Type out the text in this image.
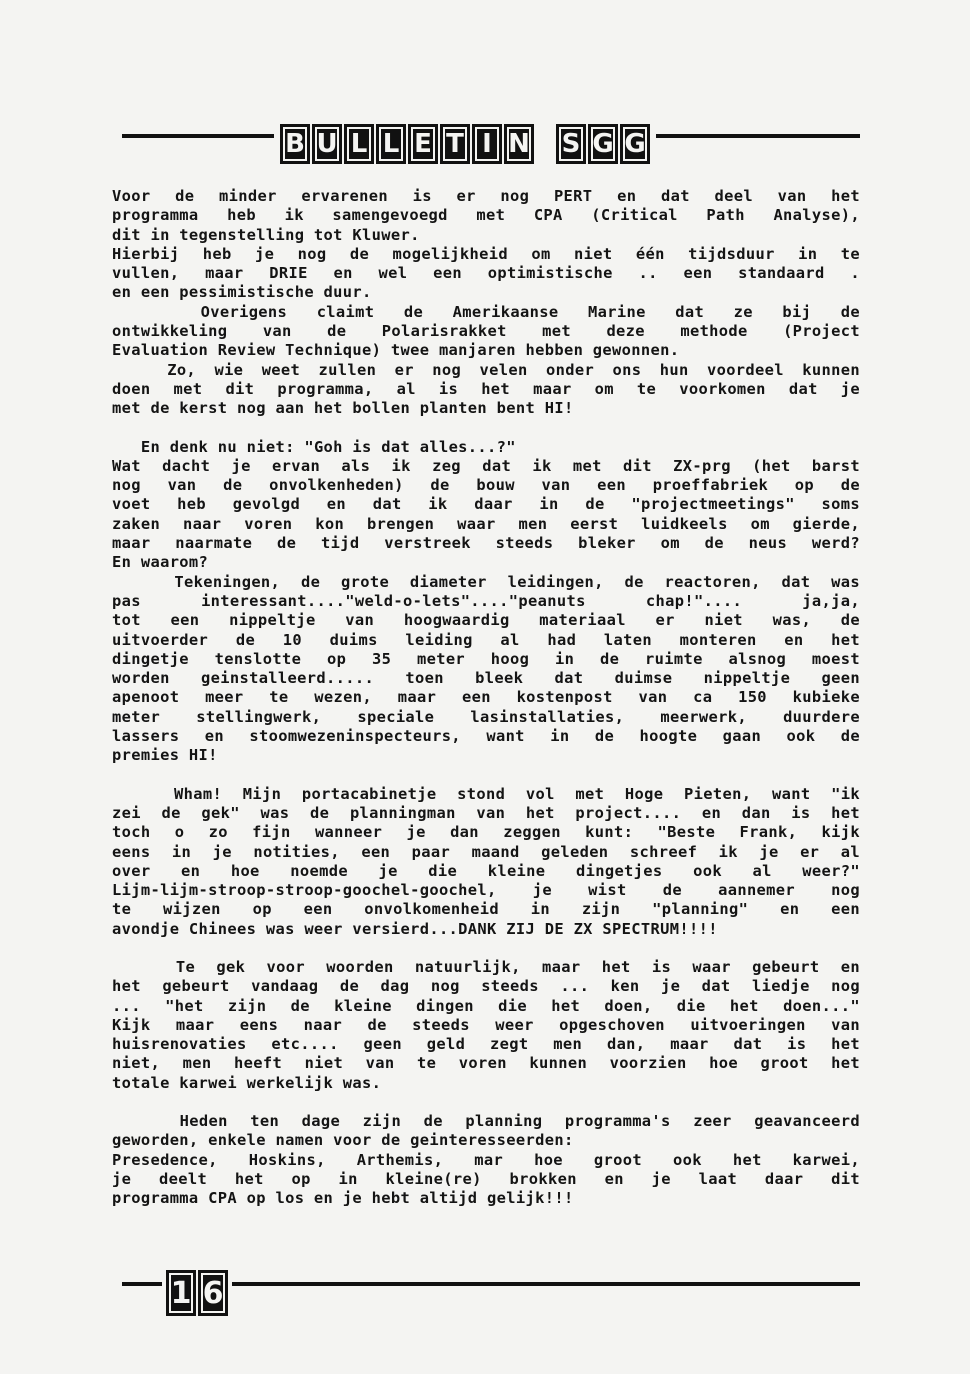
B U L L E T I N S G G
Voor de minder ervarenen is er nog PERT en dat deel van het
programma heb ik samengevoegd met CPA (Critical Path Analyse),
dit in tegenstelling tot Kluwer.
Hierbij heb je nog de mogelijkheid om niet één tijdsduur in te
vullen, maar DRIE en wel een optimistische .. een standaard .
en een pessimistische duur.
Overigens claimt de Amerikaanse Marine dat ze bij de
ontwikkeling van de Polarisrakket met deze methode (Project
Evaluation Review Technique) twee manjaren hebben gewonnen.
Zo, wie weet zullen er nog velen onder ons hun voordeel kunnen
doen met dit programma, al is het maar om te voorkomen dat je
met de kerst nog aan het bollen planten bent HI!
En denk nu niet: "Goh is dat alles...?"
Wat dacht je ervan als ik zeg dat ik met dit ZX-prg (het barst
nog van de onvolkenheden) de bouw van een proeffabriek op de
voet heb gevolgd en dat ik daar in de "projectmeetings" soms
zaken naar voren kon brengen waar men eerst luidkeels om gierde,
maar naarmate de tijd verstreek steeds bleker om de neus werd?
En waarom?
Tekeningen, de grote diameter leidingen, de reactoren, dat was
pas interessant...."weld-o-lets"...."peanuts chap!".... ja,ja,
tot een nippeltje van hoogwaardig materiaal er niet was, de
uitvoerder de 10 duims leiding al had laten monteren en het
dingetje tenslotte op 35 meter hoog in de ruimte alsnog moest
worden geinstalleerd..... toen bleek dat duimse nippeltje geen
apenoot meer te wezen, maar een kostenpost van ca 150 kubieke
meter stellingwerk, speciale lasinstallaties, meerwerk, duurdere
lassers en stoomwezeninspecteurs, want in de hoogte gaan ook de
premies HI!
Wham! Mijn portacabinetje stond vol met Hoge Pieten, want "ik
zei de gek" was de planningman van het project.... en dan is het
toch o zo fijn wanneer je dan zeggen kunt: "Beste Frank, kijk
eens in je notities, een paar maand geleden schreef ik je er al
over en hoe noemde je die kleine dingetjes ook al weer?"
Lijm-lijm-stroop-stroop-goochel-goochel, je wist de aannemer nog
te wijzen op een onvolkomenheid in zijn "planning" en een
avondje Chinees was weer versierd...DANK ZIJ DE ZX SPECTRUM!!!!
Te gek voor woorden natuurlijk, maar het is waar gebeurt en
het gebeurt vandaag de dag nog steeds ... ken je dat liedje nog
... "het zijn de kleine dingen die het doen, die het doen..."
Kijk maar eens naar de steeds weer opgeschoven uitvoeringen van
huisrenovaties etc.... geen geld zegt men dan, maar dat is het
niet, men heeft niet van te voren kunnen voorzien hoe groot het
totale karwei werkelijk was.
Heden ten dage zijn de planning programma's zeer geavanceerd
geworden, enkele namen voor de geinteresseerden:
Presedence, Hoskins, Arthemis, mar hoe groot ook het karwei,
je deelt het op in kleine(re) brokken en je laat daar dit
programma CPA op los en je hebt altijd gelijk!!!
1 6
